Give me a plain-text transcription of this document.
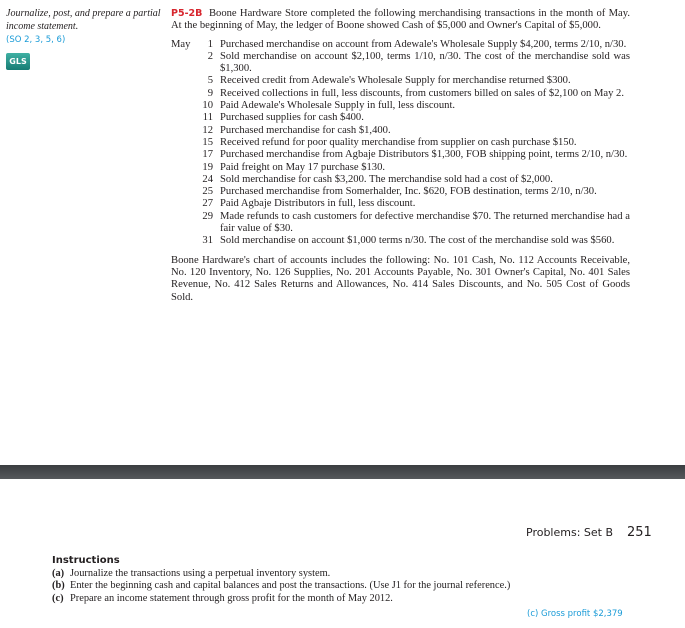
Journalize, post, and prepare a partial income statement.
(SO 2, 3, 5, 6)
GLS
P5-2B Boone Hardware Store completed the following merchandising transactions in the month of May. At the beginning of May, the ledger of Boone showed Cash of $5,000 and Owner's Capital of $5,000.
May	1 Purchased merchandise on account from Adewale's Wholesale Supply $4,200, terms 2/10, n/30.
2 Sold merchandise on account $2,100, terms 1/10, n/30. The cost of the merchandise sold was $1,300.
5 Received credit from Adewale's Wholesale Supply for merchandise returned $300.
9 Received collections in full, less discounts, from customers billed on sales of $2,100 on May 2.
10 Paid Adewale's Wholesale Supply in full, less discount.
11 Purchased supplies for cash $400.
12 Purchased merchandise for cash $1,400.
15 Received refund for poor quality merchandise from supplier on cash purchase $150.
17 Purchased merchandise from Agbaje Distributors $1,300, FOB shipping point, terms 2/10, n/30.
19 Paid freight on May 17 purchase $130.
24 Sold merchandise for cash $3,200. The merchandise sold had a cost of $2,000.
25 Purchased merchandise from Somerhalder, Inc. $620, FOB destination, terms 2/10, n/30.
27 Paid Agbaje Distributors in full, less discount.
29 Made refunds to cash customers for defective merchandise $70. The returned merchandise had a fair value of $30.
31 Sold merchandise on account $1,000 terms n/30. The cost of the merchandise sold was $560.
Boone Hardware's chart of accounts includes the following: No. 101 Cash, No. 112 Accounts Receivable, No. 120 Inventory, No. 126 Supplies, No. 201 Accounts Payable, No. 301 Owner's Capital, No. 401 Sales Revenue, No. 412 Sales Returns and Allowances, No. 414 Sales Discounts, and No. 505 Cost of Goods Sold.
Problems: Set B 251
Instructions
(a) Journalize the transactions using a perpetual inventory system.
(b) Enter the beginning cash and capital balances and post the transactions. (Use J1 for the journal reference.)
(c) Prepare an income statement through gross profit for the month of May 2012.
(c) Gross profit $2,379
